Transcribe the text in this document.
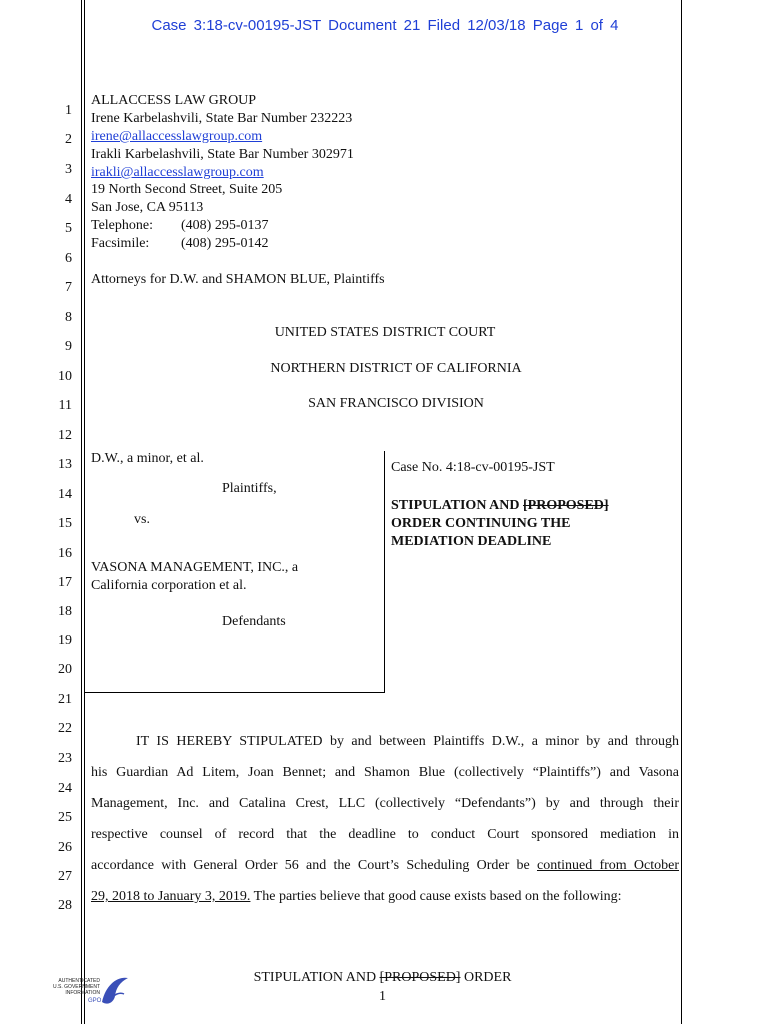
Case 3:18-cv-00195-JST Document 21 Filed 12/03/18 Page 1 of 4
1
2
3
4
5
6
7
8
9
10
11
12
13
14
15
16
17
18
19
20
21
22
23
24
25
26
27
28
ALLACCESS LAW GROUP
Irene Karbelashvili, State Bar Number 232223
irene@allaccesslawgroup.com
Irakli Karbelashvili, State Bar Number 302971
irakli@allaccesslawgroup.com
19 North Second Street, Suite 205
San Jose, CA 95113
Telephone: (408) 295-0137
Facsimile: (408) 295-0142
Attorneys for D.W. and SHAMON BLUE, Plaintiffs
UNITED STATES DISTRICT COURT
NORTHERN DISTRICT OF CALIFORNIA
SAN FRANCISCO DIVISION
D.W., a minor, et al.
Plaintiffs,
vs.
VASONA MANAGEMENT, INC., a
California corporation et al.
Defendants
Case No. 4:18-cv-00195-JST
STIPULATION AND [PROPOSED]
ORDER CONTINUING THE
MEDIATION DEADLINE
IT IS HEREBY STIPULATED by and between Plaintiffs D.W., a minor by and through
his Guardian Ad Litem, Joan Bennet; and Shamon Blue (collectively “Plaintiffs”) and Vasona
Management, Inc. and Catalina Crest, LLC (collectively “Defendants”) by and through their
respective counsel of record that the deadline to conduct Court sponsored mediation in
accordance with General Order 56 and the Court’s Scheduling Order be continued from October
29, 2018 to January 3, 2019. The parties believe that good cause exists based on the following:
STIPULATION AND [PROPOSED] ORDER
1
AUTHENTICATED
U.S. GOVERNMENT
INFORMATION
GPO
